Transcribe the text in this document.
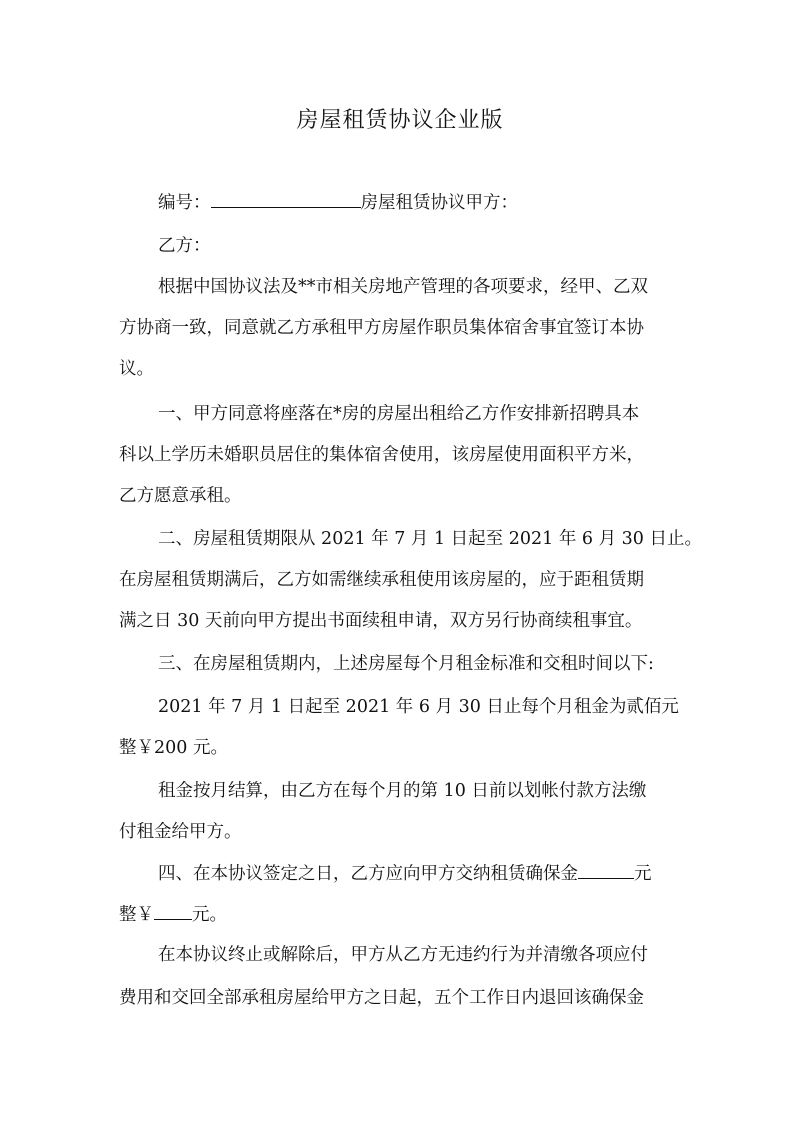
房屋租赁协议企业版
编号：	房屋租赁协议甲方：
乙方：
根据中国协议法及**市相关房地产管理的各项要求，经甲、乙双
方协商一致，同意就乙方承租甲方房屋作职员集体宿舍事宜签订本协
议。
一、甲方同意将座落在*房的房屋出租给乙方作安排新招聘具本
科以上学历未婚职员居住的集体宿舍使用，该房屋使用面积平方米，
乙方愿意承租。
二、房屋租赁期限从 2021 年 7 月 1 日起至 2021 年 6 月 30 日止。
在房屋租赁期满后，乙方如需继续承租使用该房屋的，应于距租赁期
满之日 30 天前向甲方提出书面续租申请，双方另行协商续租事宜。
三、在房屋租赁期内，上述房屋每个月租金标准和交租时间以下:
2021 年 7 月 1 日起至 2021 年 6 月 30 日止每个月租金为贰佰元
整￥200 元。
租金按月结算，由乙方在每个月的第 10 日前以划帐付款方法缴
付租金给甲方。
四、在本协议签定之日，乙方应向甲方交纳租赁确保金	元
整￥ 元。
在本协议终止或解除后，甲方从乙方无违约行为并清缴各项应付
费用和交回全部承租房屋给甲方之日起，五个工作日内退回该确保金
